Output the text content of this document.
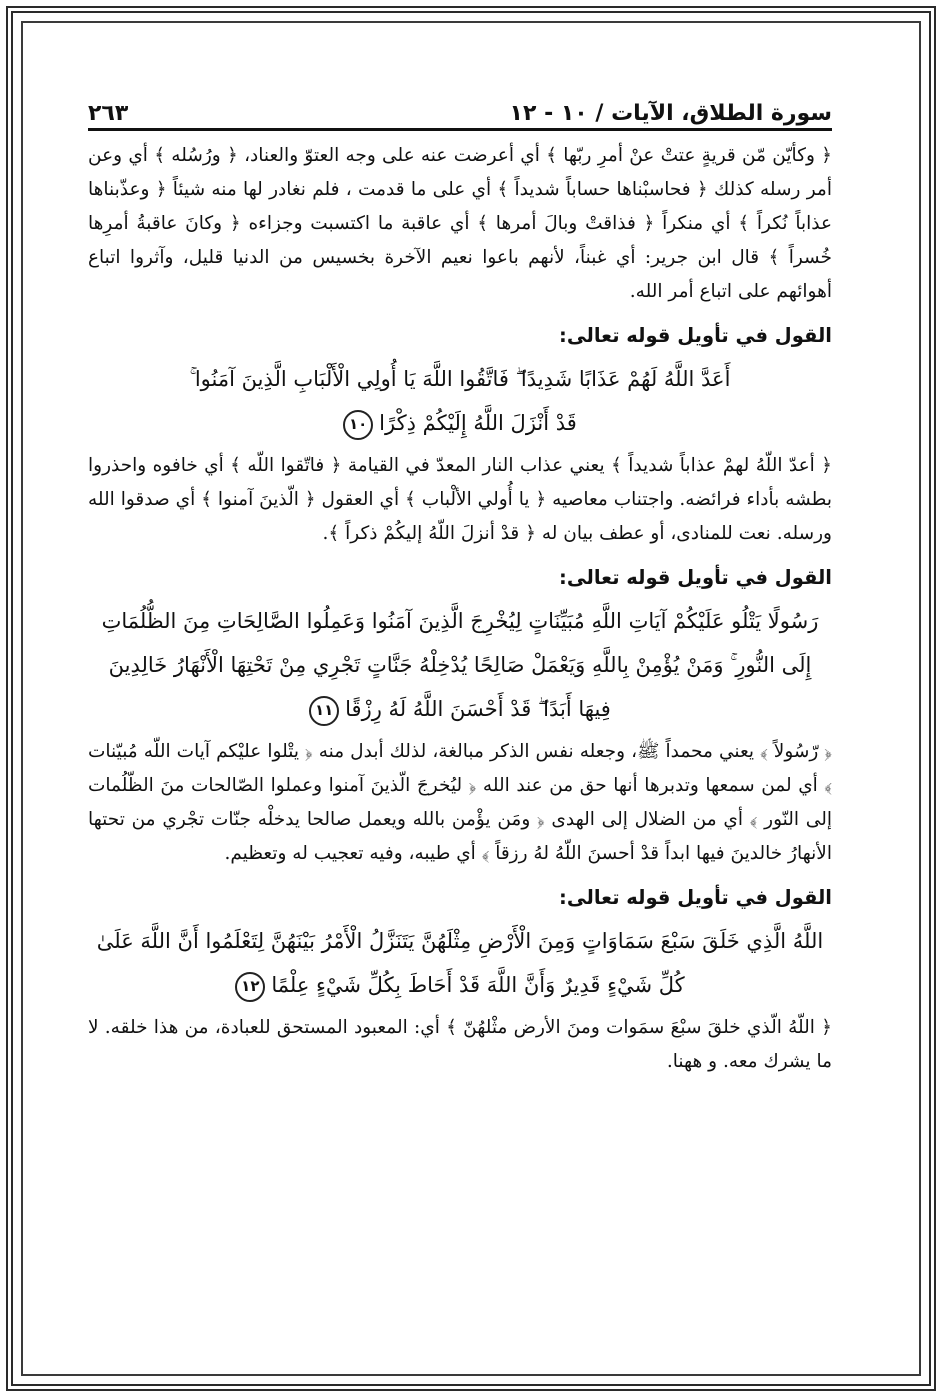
سورة الطلاق، الآيات / ١٠ - ١٢
٢٦٣

﴿ وكأيّن مّن قريةٍ عتتْ عنْ أمرِ ربّها ﴾ أي أعرضت عنه على وجه العتوّ والعناد، ﴿ ورُسُله ﴾ أي وعن أمر رسله كذلك ﴿ فحاسبْناها حساباً شديداً ﴾ أي على ما قدمت ، فلم نغادر لها منه شيئاً ﴿ وعذّبناها عذاباً نُكراً ﴾ أي منكراً ﴿ فذاقتْ وبالَ أمرها ﴾ أي عاقبة ما اكتسبت وجزاءه ﴿ وكانَ عاقبةُ أمرِها خُسراً ﴾ قال ابن جرير: أي غبناً، لأنهم باعوا نعيم الآخرة بخسيس من الدنيا قليل، وآثروا اتباع أهوائهم على اتباع أمر الله.

القول في تأويل قوله تعالى:
أَعَدَّ اللَّهُ لَهُمْ عَذَابًا شَدِيدًا ۖ فَاتَّقُوا اللَّهَ يَا أُولِي الْأَلْبَابِ الَّذِينَ آمَنُوا ۚ
قَدْ أَنْزَلَ اللَّهُ إِلَيْكُمْ ذِكْرًا١٠

﴿ أعدّ اللّهُ لهمْ عذاباً شديداً ﴾ يعني عذاب النار المعدّ في القيامة ﴿ فاتّقوا اللّه ﴾ أي خافوه واحذروا بطشه بأداء فرائضه. واجتناب معاصيه ﴿ يا أُولي الألْباب ﴾ أي العقول ﴿ الّذينَ آمنوا ﴾ أي صدقوا الله ورسله. نعت للمنادى، أو عطف بيان له ﴿ قدْ أنزلَ اللّهُ إليكُمْ ذكراً ﴾.

القول في تأويل قوله تعالى:
رَسُولًا يَتْلُو عَلَيْكُمْ آيَاتِ اللَّهِ مُبَيِّنَاتٍ لِيُخْرِجَ الَّذِينَ آمَنُوا وَعَمِلُوا الصَّالِحَاتِ مِنَ الظُّلُمَاتِ
إِلَى النُّورِ ۚ وَمَنْ يُؤْمِنْ بِاللَّهِ وَيَعْمَلْ صَالِحًا يُدْخِلْهُ جَنَّاتٍ تَجْرِي مِنْ تَحْتِهَا الْأَنْهَارُ خَالِدِينَ
فِيهَا أَبَدًا ۖ قَدْ أَحْسَنَ اللَّهُ لَهُ رِزْقًا١١

﴿ رّسُولاً ﴾ يعني محمداً ﷺ، وجعله نفس الذكر مبالغة، لذلك أبدل منه ﴿ يتْلوا عليْكم آيات اللّه مُبيّنات ﴾ أي لمن سمعها وتدبرها أنها حق من عند الله ﴿ ليُخرجَ الّذينَ آمنوا وعملوا الصّالحات منَ الظّلُمات إلى النّور ﴾ أي من الضلال إلى الهدى ﴿ ومَن يؤْمن بالله ويعمل صالحا يدخلْه جنّات تجْري من تحتها الأنهارُ خالدينَ فيها ابداً قدْ أحسنَ اللّهُ لهُ رزقاً ﴾ أي طيبه، وفيه تعجيب له وتعظيم.

القول في تأويل قوله تعالى:
اللَّهُ الَّذِي خَلَقَ سَبْعَ سَمَاوَاتٍ وَمِنَ الْأَرْضِ مِثْلَهُنَّ يَتَنَزَّلُ الْأَمْرُ بَيْنَهُنَّ لِتَعْلَمُوا أَنَّ اللَّهَ عَلَىٰ
كُلِّ شَيْءٍ قَدِيرٌ وَأَنَّ اللَّهَ قَدْ أَحَاطَ بِكُلِّ شَيْءٍ عِلْمًا١٢

﴿ اللّهُ الّذي خلقَ سبْعَ سمَوات ومنَ الأرض مثْلهُنّ ﴾ أي: المعبود المستحق للعبادة، من هذا خلقه. لا ما يشرك معه. و ههنا.
